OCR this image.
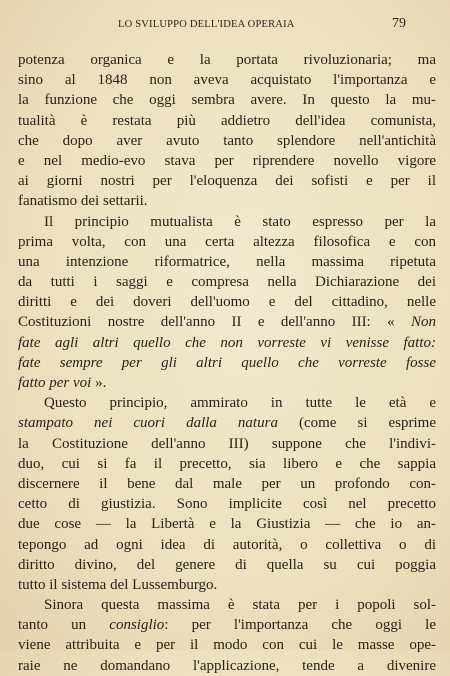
LO SVILUPPO DELL'IDEA OPERAIA	79
potenza organica e la portata rivoluzionaria; ma
sino al 1848 non aveva acquistato l'importanza e
la funzione che oggi sembra avere. In questo la mu-
tualità è restata più addietro dell'idea comunista,
che dopo aver avuto tanto splendore nell'antichità
e nel medio-evo stava per riprendere novello vigore
ai giorni nostri per l'eloquenza dei sofisti e per il
fanatismo dei settarii.
Il principio mutualista è stato espresso per la
prima volta, con una certa altezza filosofica e con
una intenzione riformatrice, nella massima ripetuta
da tutti i saggi e compresa nella Dichiarazione dei
diritti e dei doveri dell'uomo e del cittadino, nelle
Costituzioni nostre dell'anno II e dell'anno III: « Non
fate agli altri quello che non vorreste vi venisse fatto:
fate sempre per gli altri quello che vorreste fosse
fatto per voi ».
Questo principio, ammirato in tutte le età e
stampato nei cuori dalla natura (come si esprime
la Costituzione dell'anno III) suppone che l'indivi-
duo, cui si fa il precetto, sia libero e che sappia
discernere il bene dal male per un profondo con-
cetto di giustizia. Sono implicite così nel precetto
due cose — la Libertà e la Giustizia — che io an-
tepongo ad ogni idea di autorità, o collettiva o di
diritto divino, del genere di quella su cui poggia
tutto il sistema del Lussemburgo.
Sinora questa massima è stata per i popoli sol-
tanto un consiglio: per l'importanza che oggi le
viene attribuita e per il modo con cui le masse ope-
raie ne domandano l'applicazione, tende a divenire
